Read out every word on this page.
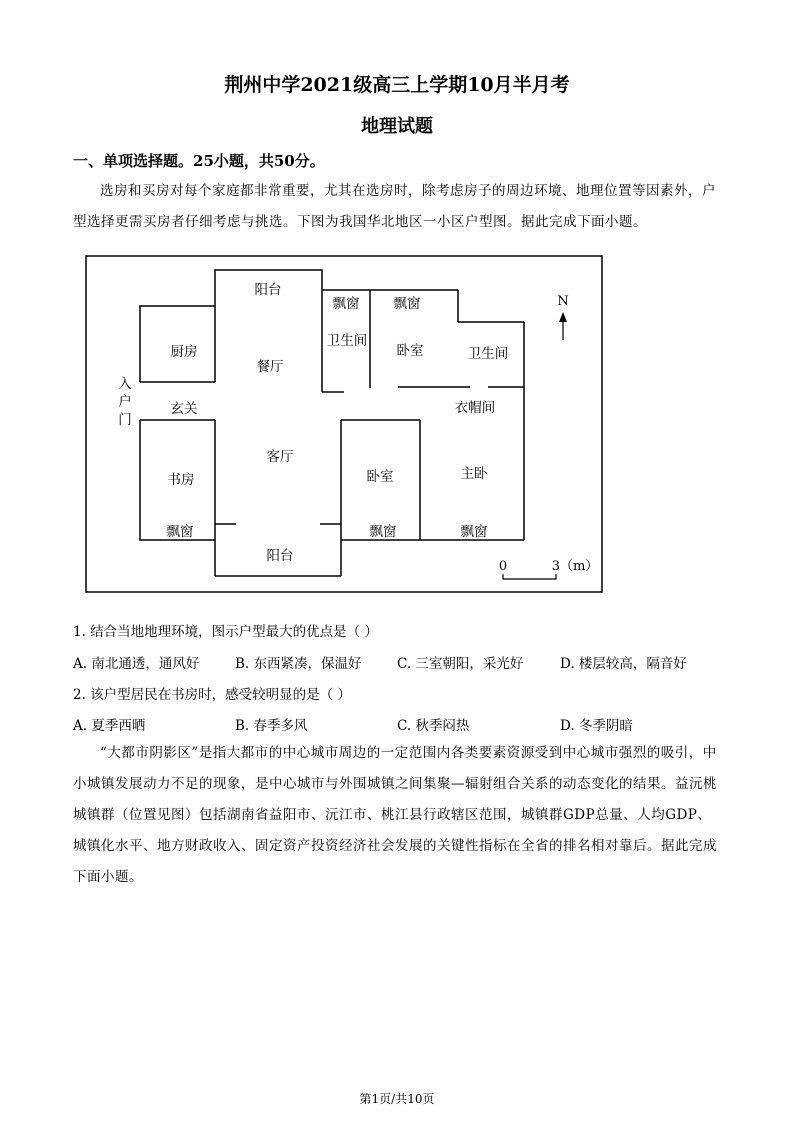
荆州中学2021级高三上学期10月半月考
地理试题
一、单项选择题。25小题，共50分。
选房和买房对每个家庭都非常重要，尤其在选房时，除考虑房子的周边环境、地理位置等因素外，户型选择更需买房者仔细考虑与挑选。下图为我国华北地区一小区户型图。据此完成下面小题。
阳台
飘窗	飘窗
厨房
餐厅
卫生间
卧室	卫生间
玄关	衣帽间
书房
客厅
卧室	主卧
飘窗	飘窗	飘窗
阳台
入户门
N
0	3（m）
1. 结合当地地理环境，图示户型最大的优点是（ ）
A. 南北通透，通风好	B. 东西紧凑，保温好	C. 三室朝阳，采光好	D. 楼层较高，隔音好
2. 该户型居民在书房时，感受较明显的是（ ）
A. 夏季西晒	B. 春季多风	C. 秋季闷热	D. 冬季阴暗
“大都市阴影区”是指大都市的中心城市周边的一定范围内各类要素资源受到中心城市强烈的吸引，中小城镇发展动力不足的现象，是中心城市与外围城镇之间集聚—辐射组合关系的动态变化的结果。益沅桃城镇群（位置见图）包括湖南省益阳市、沅江市、桃江县行政辖区范围，城镇群GDP总量、人均GDP、城镇化水平、地方财政收入、固定资产投资经济社会发展的关键性指标在全省的排名相对靠后。据此完成下面小题。
第1页/共10页
